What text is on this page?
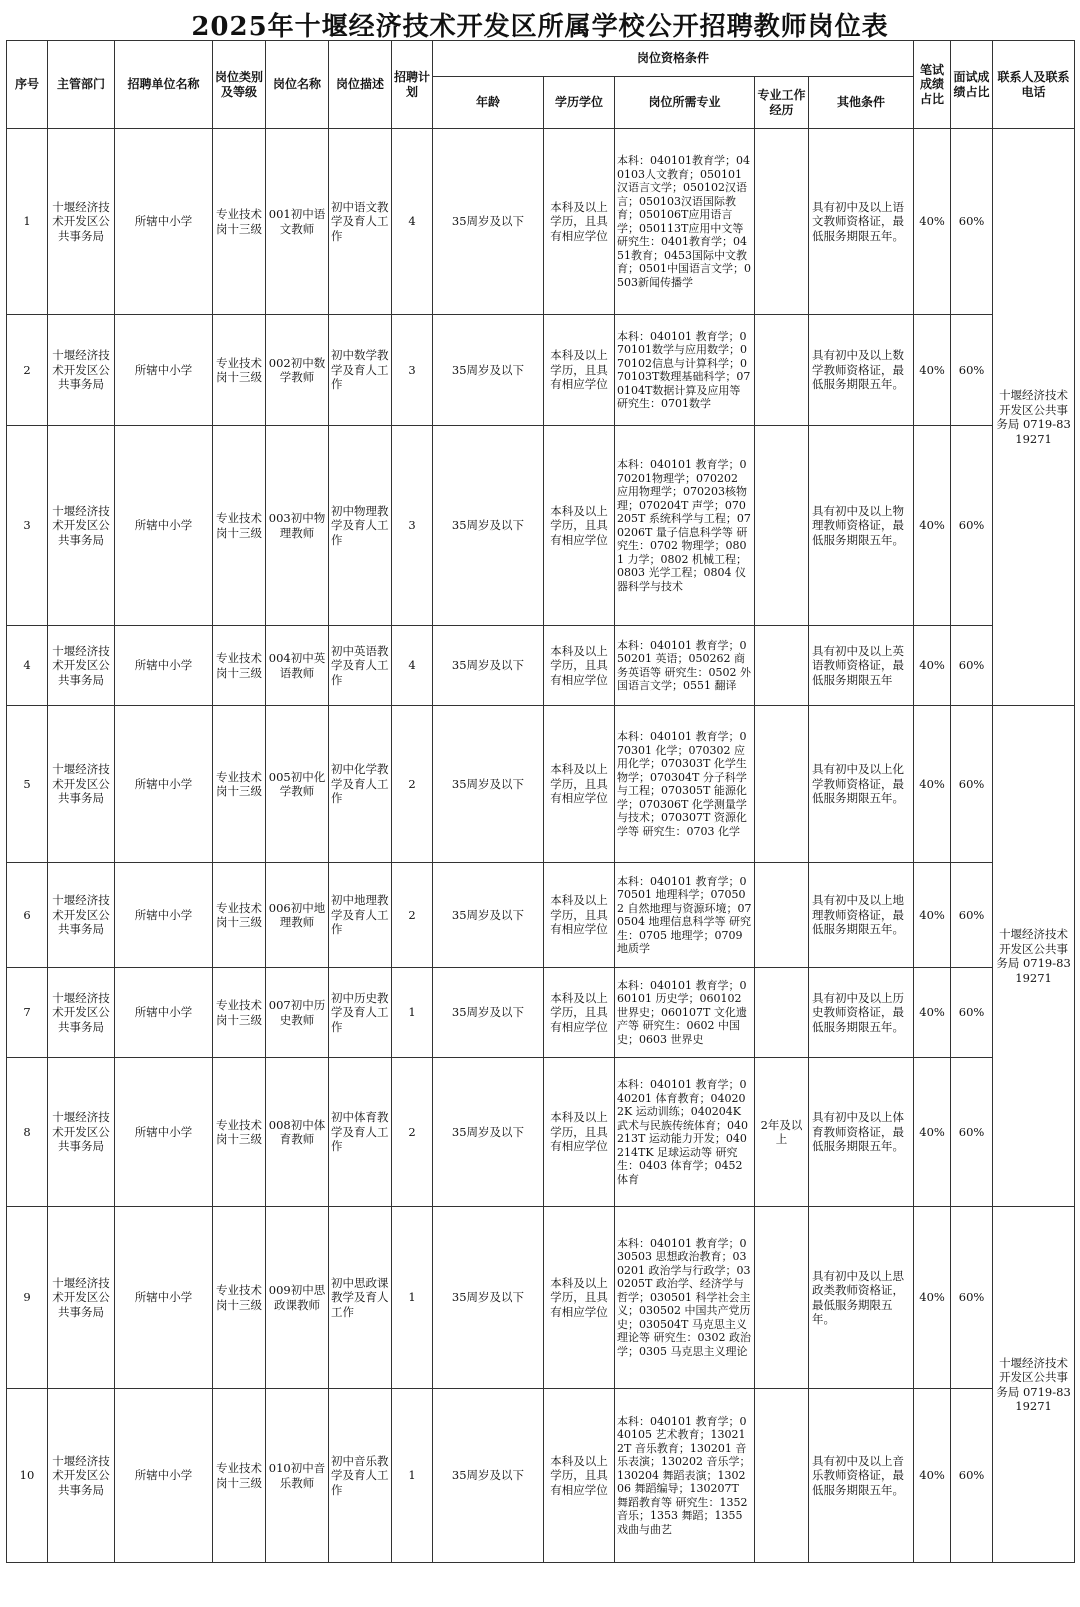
2025年十堰经济技术开发区所属学校公开招聘教师岗位表
序号	主管部门	招聘单位名称	岗位类别及等级	岗位名称	岗位描述	招聘计划	岗位资格条件					笔试成绩占比	面试成绩占比	联系人及联系电话
							年龄	学历学位	岗位所需专业	专业工作经历	其他条件			
1	十堰经济技术开发区公共事务局	所辖中小学	专业技术岗十三级	001初中语文教师	初中语文教学及育人工作	4	35周岁及以下	本科及以上学历，且具有相应学位	本科：040101教育学；040103人文教育；050101汉语言文学；050102汉语言；050103汉语国际教育；050106T应用语言学；050113T应用中文等 研究生：0401教育学；0451教育；0453国际中文教育；0501中国语言文学；0503新闻传播学		具有初中及以上语文教师资格证，最低服务期限五年。	40%	60%	十堰经济技术开发区公共事务局 0719-8319271
2	十堰经济技术开发区公共事务局	所辖中小学	专业技术岗十三级	002初中数学教师	初中数学教学及育人工作	3	35周岁及以下	本科及以上学历，且具有相应学位	本科：040101 教育学；070101数学与应用数学；070102信息与计算科学；070103T数理基础科学；070104T数据计算及应用等 研究生：0701数学		具有初中及以上数学教师资格证，最低服务期限五年。	40%	60%	
3	十堰经济技术开发区公共事务局	所辖中小学	专业技术岗十三级	003初中物理教师	初中物理教学及育人工作	3	35周岁及以下	本科及以上学历，且具有相应学位	本科：040101 教育学；070201物理学；070202 应用物理学；070203核物理；070204T 声学；070205T 系统科学与工程；070206T 量子信息科学等 研究生：0702 物理学；0801 力学；0802 机械工程；0803 光学工程；0804 仪器科学与技术		具有初中及以上物理教师资格证，最低服务期限五年。	40%	60%	
4	十堰经济技术开发区公共事务局	所辖中小学	专业技术岗十三级	004初中英语教师	初中英语教学及育人工作	4	35周岁及以下	本科及以上学历，且具有相应学位	本科：040101 教育学；050201 英语；050262 商务英语等 研究生：0502 外国语言文学；0551 翻译		具有初中及以上英语教师资格证，最低服务期限五年	40%	60%	
5	十堰经济技术开发区公共事务局	所辖中小学	专业技术岗十三级	005初中化学教师	初中化学教学及育人工作	2	35周岁及以下	本科及以上学历，且具有相应学位	本科：040101 教育学；070301 化学；070302 应用化学；070303T 化学生物学；070304T 分子科学与工程；070305T 能源化学；070306T 化学测量学与技术；070307T 资源化学等 研究生：0703 化学		具有初中及以上化学教师资格证，最低服务期限五年。	40%	60%	十堰经济技术开发区公共事务局 0719-8319271
6	十堰经济技术开发区公共事务局	所辖中小学	专业技术岗十三级	006初中地理教师	初中地理教学及育人工作	2	35周岁及以下	本科及以上学历，且具有相应学位	本科：040101 教育学；070501 地理科学；070502 自然地理与资源环境；070504 地理信息科学等 研究生：0705 地理学；0709 地质学		具有初中及以上地理教师资格证，最低服务期限五年。	40%	60%	
7	十堰经济技术开发区公共事务局	所辖中小学	专业技术岗十三级	007初中历史教师	初中历史教学及育人工作	1	35周岁及以下	本科及以上学历，且具有相应学位	本科：040101 教育学；060101 历史学；060102 世界史；060107T 文化遗产等 研究生：0602 中国史；0603 世界史		具有初中及以上历史教师资格证，最低服务期限五年。	40%	60%	
8	十堰经济技术开发区公共事务局	所辖中小学	专业技术岗十三级	008初中体育教师	初中体育教学及育人工作	2	35周岁及以下	本科及以上学历，且具有相应学位	本科：040101 教育学；040201 体育教育；040202K 运动训练；040204K 武术与民族传统体育；040213T 运动能力开发；040214TK 足球运动等 研究生：0403 体育学；0452 体育	2年及以上	具有初中及以上体育教师资格证，最低服务期限五年。	40%	60%	
9	十堰经济技术开发区公共事务局	所辖中小学	专业技术岗十三级	009初中思政课教师	初中思政课教学及育人工作	1	35周岁及以下	本科及以上学历，且具有相应学位	本科：040101 教育学；030503 思想政治教育；030201 政治学与行政学；030205T 政治学、经济学与哲学；030501 科学社会主义；030502 中国共产党历史；030504T 马克思主义理论等 研究生：0302 政治学；0305 马克思主义理论		具有初中及以上思政类教师资格证，最低服务期限五年。	40%	60%	十堰经济技术开发区公共事务局 0719-8319271
10	十堰经济技术开发区公共事务局	所辖中小学	专业技术岗十三级	010初中音乐教师	初中音乐教学及育人工作	1	35周岁及以下	本科及以上学历，且具有相应学位	本科：040101 教育学；040105 艺术教育；130212T 音乐教育；130201 音乐表演；130202 音乐学；130204 舞蹈表演；130206 舞蹈编导；130207T 舞蹈教育等 研究生：1352 音乐；1353 舞蹈；1355 戏曲与曲艺		具有初中及以上音乐教师资格证，最低服务期限五年。	40%	60%	
